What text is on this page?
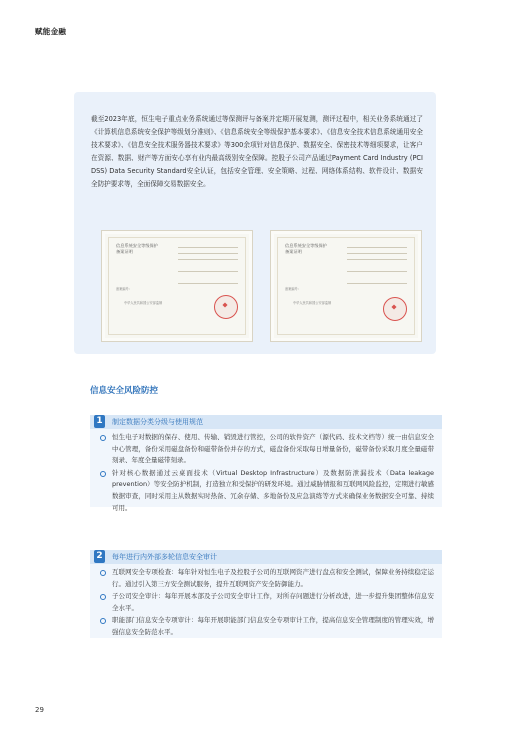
赋能金融
截至2023年底，恒生电子重点业务系统通过等保测评与备案并定期开展复测，测评过程中，相关业务系统通过了《计算机信息系统安全保护等级划分准则》、《信息系统安全等级保护基本要求》、《信息安全技术信息系统通用安全技术要求》、《信息安全技术服务器技术要求》等300余项针对信息保护、数据安全、保密技术等细项要求，让客户在资源、数据、财产等方面安心享有业内最高级别安全保障。控股子公司产品通过Payment Card Industry (PCI DSS) Data Security Standard安全认证，包括安全管理、安全策略、过程、网络体系结构、软件设计、数据安全防护要求等，全面保障交易数据安全。
信息系统安全等级保护
备案证明
备案编号：
中华人民共和国公安部监制
信息系统安全等级保护
备案证明
备案编号：
中华人民共和国公安部监制
信息安全风险防控
1	制定数据分类分级与使用规范
恒生电子对数据的保存、使用、传输、销毁进行管控，公司的软件资产（源代码、技术文档等）统一由信息安全中心管理，备份采用磁盘备份和磁带备份并存的方式，磁盘备份采取每日增量备份，磁带备份采取月度全量磁带刻录、年度全量磁带刻录。
针对核心数据通过云桌面技术（Virtual Desktop Infrastructure）及数据防泄漏技术（Data leakage prevention）等安全防护机制，打造独立和受保护的研发环境。通过威胁情报和互联网风险监控，定期进行敏感数据审查，同时采用主从数据实时热备、冗余存储、多地备份及应急演练等方式来确保业务数据安全可靠、持续可用。
2	每年进行内外部多轮信息安全审计
互联网安全专项检查：每年针对恒生电子及控股子公司的互联网资产进行盘点和安全测试，保障业务持续稳定运行。通过引入第三方安全测试服务，提升互联网资产安全防御能力。
子公司安全审计：每年开展本部及子公司安全审计工作，对所存问题进行分析改进，进一步提升集团整体信息安全水平。
职能部门信息安全专项审计：每年开展职能部门信息安全专项审计工作，提高信息安全管理制度的管理实效，增强信息安全防范水平。
29
